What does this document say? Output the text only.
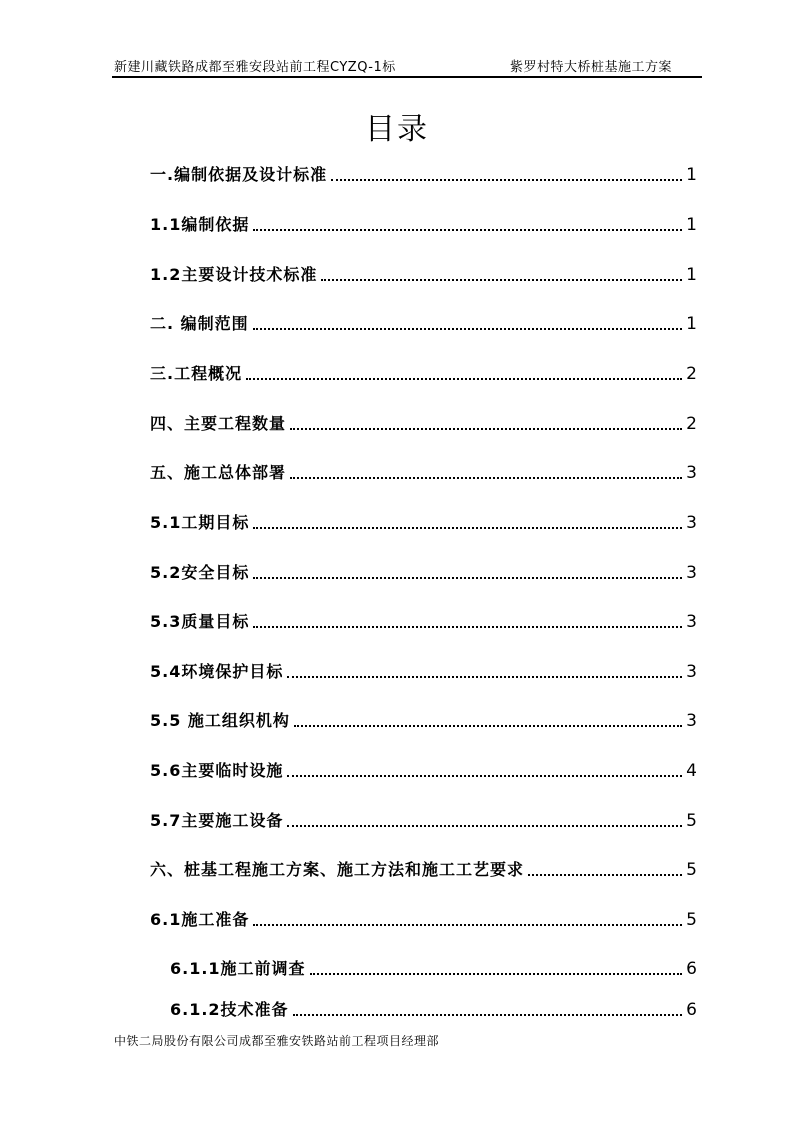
新建川藏铁路成都至雅安段站前工程CYZQ-1标	紫罗村特大桥桩基施工方案
目录
一.编制依据及设计标准	1
1.1编制依据	1
1.2主要设计技术标准	1
二. 编制范围	1
三.工程概况	2
四、主要工程数量	2
五、施工总体部署	3
5.1工期目标	3
5.2安全目标	3
5.3质量目标	3
5.4环境保护目标	3
5.5 施工组织机构	3
5.6主要临时设施	4
5.7主要施工设备	5
六、桩基工程施工方案、施工方法和施工工艺要求	5
6.1施工准备	5
6.1.1施工前调查	6
6.1.2技术准备	6
中铁二局股份有限公司成都至雅安铁路站前工程项目经理部
